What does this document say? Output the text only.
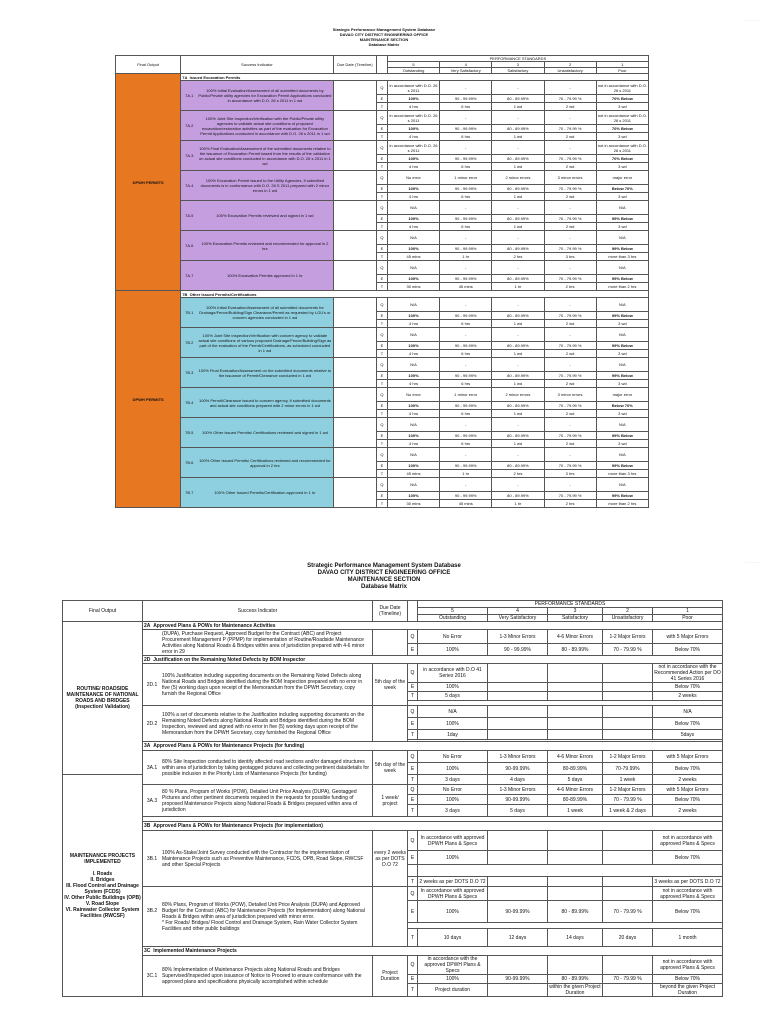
· · · · · · ·
Strategic Performance Management System Database
DAVAO CITY DISTRICT ENGINEERING OFFICE
MAINTENANCE SECTION
Database Matrix
Final Output	Success Indicator	Due Date (Timeline)		PERFORMANCE STANDARDS
5	4	3	2	1
Outstanding	Very Satisfactory	Satisfactory	Unsatisfactory	Poor
DPWH PERMITS	7A Issued Excavation Permits

7A.1	100% Initial Evaluation/Assessment of all submitted documents by Public/Private utility agencies for Excavation Permit Applications conducted in accordance with D.O. 26 s 2011 in 1 wd
		Q	in accordance with D.O. 26 s 2011	-	-	-	not in accordance with D.O. 26 s 2011
E	100%	90 - 99.99%	80 - 89.99%	70 - 79.99 %	70% Below
T	4 hrs	6 hrs	1 wd	2 wd	3 wd

7A.2	100% Joint Site Inspection/Verification with the Public/Private utility agencies to validate actual site conditions of proposed excavation/restoration activities as part of the evaluation for Excavation Permit Applications conducted in accordance with D.O. 26 s 2011 in 1 wd
		Q	in accordance with D.O. 26 s 2011	-	-	-	not in accordance with D.O. 26 s 2011
E	100%	90 - 99.99%	80 - 89.99%	70 - 79.99 %	70% Below
T	4 hrs	6 hrs	1 wd	2 wd	3 wd

7A.3	100% Final Evaluation/Assessment of the submitted documents relative to the issuance of Excavation Permit based from the results of the validation on actual site conditions conducted in accordance with D.O. 26 s 2011 in 1 wd
		Q	in accordance with D.O. 26 s 2011	-	-	-	not in accordance with D.O. 26 s 2011
E	100%	90 - 99.99%	80 - 89.99%	70 - 79.99 %	70% Below
T	4 hrs	6 hrs	1 wd	2 wd	3 wd

7A.4	100% Excavation Permit issued to the Utility Agencies, if submitted documents is in conformance with D.O. 26 S 2011 prepared with 2 minor errors in 1 wd
		Q	No error	1 minor error	2 minor errors	3 minor errors	major error
E	100%	90 - 99.99%	80 - 89.99%	70 - 79.99 %	Below 70%
T	4 hrs	6 hrs	1 wd	2 wd	3 wd

7A.5	100% Excavation Permits reviewed and signed in 1 wd
		Q	N/A	-	-	-	N/A
E	100%	90 - 99.99%	80 - 89.99%	70 - 79.99 %	99% Below
T	4 hrs	6 hrs	1 wd	2 wd	3 wd

7A.6	100% Excavation Permits reviewed and recommended for approval in 2 hrs
		Q	N/A	-	-	-	N/A
E	100%	90 - 99.99%	80 - 89.99%	70 - 79.99 %	99% Below
T	45 mins	1 hr	2 hrs	3 hrs	more than 3 hrs

7A.7	100% Excavation Permits approved in 1 hr
		Q	N/A	-	-	-	N/A
E	100%	90 - 99.99%	80 - 89.99%	70 - 79.99 %	99% Below
T	30 mins	45 mins	1 hr	2 hrs	more than 2 hrs
DPWH PERMITS	7B Other Issued Permits/Certifications

7B.1	100% Initial Evaluation/Assessment of all submitted documents for Drainage/Fence/Building/Sign Clearance/Permit as requested by LGU's or concern agencies conducted in 1 wd
		Q	N/A	-	-	-	N/A
E	100%	90 - 99.99%	80 - 89.99%	70 - 79.99 %	99% Below
T	4 hrs	6 hrs	1 wd	2 wd	3 wd

7B.2	100% Joint Site Inspection/Verification with concern agency to validate actual site conditions of various proposed Drainage/Fence/Building/Sign as part of the evaluation of the Permit/Certifications, as scheduled conducted in 1 wd
		Q	N/A	-	-	-	N/A
E	100%	90 - 99.99%	80 - 89.99%	70 - 79.99 %	99% Below
T	4 hrs	6 hrs	1 wd	2 wd	3 wd

7B.3	100% Final Evaluation/Assessment on the submitted documents relative to the issuance of Permit/Clearance conducted in 1 wd
		Q	N/A	-	-	-	N/A
E	100%	90 - 99.99%	80 - 89.99%	70 - 79.99 %	99% Below
T	4 hrs	6 hrs	1 wd	2 wd	3 wd

7B.4	100% Permit/Clearance issued to concern agency, if submitted documents and actual site conditions prepared with 2 minor errors in 1 wd
		Q	No error	1 minor error	2 minor errors	3 minor errors	major error
E	100%	90 - 99.99%	80 - 89.99%	70 - 79.99 %	Below 70%
T	4 hrs	6 hrs	1 wd	2 wd	3 wd

7B.5	100% Other Issued Permits/ Certifications reviewed and signed in 1 wd
		Q	N/A	-	-	-	N/A
E	100%	90 - 99.99%	80 - 89.99%	70 - 79.99 %	99% Below
T	4 hrs	6 hrs	1 wd	2 wd	3 wd

7B.6	100% Other Issued Permits/ Certifications reviewed and recommended for approval in 2 hrs
		Q	N/A	-	-	-	N/A
E	100%	90 - 99.99%	80 - 89.99%	70 - 79.99 %	99% Below
T	45 mins	1 hr	2 hrs	3 hrs	more than 3 hrs

7B.7	100% Other Issued Permits/Certification approved in 1 hr
		Q	N/A	-	-	-	N/A
E	100%	90 - 99.99%	80 - 89.99%	70 - 79.99 %	99% Below
T	30 mins	45 mins	1 hr	2 hrs	more than 2 hrs
· · · · · · ·
Strategic Performance Management System Database
DAVAO CITY DISTRICT ENGINEERING OFFICE
MAINTENANCE SECTION
Database Matrix
Final Output	Success Indicator	Due Date (Timeline)		PERFORMANCE STANDARDS
5	4	3	2	1
Outstanding	Very Satisfactory	Satisfactory	Unsatisfactory	Poor
ROUTINE/ ROADSIDE MAINTENANCE OF NATIONAL ROADS AND BRIDGES (Inspection/ Validation)	2A Approved Plans & POWs for Maintenance Activities

	(DUPA), Purchase Request, Approved Budget for the Contract (ABC) and Project Procurement Management P (PPMP) for implementation of Routine/Roadside Maintenance Activities along National Roads & Bridges within area of jurisdiction prepared with 4-6 minor error in 29
		Q	No Error	1-3 Minor Errors	4-6 Minor Errors	1-2 Major Errors	with 5 Major Errors
E	100%	90 - 99.99%	80 - 89.99%	70 - 79.99 %	Below 70%
2D Justification on the Remaining Noted Defects by BOM Inspector

2D.1	100% Justification including supporting documents on the Remaining Noted Defects along National Roads and Bridges identified during the BOM Inspection prepared with no error in five (5) working days upon receipt of the Memorandum from the DPWH Secretary, copy furnish the Regional Office
	5th day of the week	Q	in accordance with D.O 41 Series 2016				not in accordance with the Recommended Action per DO 41 Series 2016
E	100%				Below 70%
T	5 days				2 weeks

2D.2	100% a set of documents relative to the Justification including supporting documents on the Remaining Noted Defects along National Roads and Bridges identified during the BOM Inspection, reviewed and signed with no error in five (5) working days upon receipt of the Memorandum from the DPWH Secretary, copy furnished the Regional Office
		Q	N/A				N/A
E	100%				Below 70%
T	1day				5days

3A Approved Plans & POWs for Maintenance Projects (for funding)

3A.1	80% Site Inspection conducted to identify affected road sections and/or damaged structures within area of jurisdiction by taking geotagged pictures and collecting pertinent data/details for possible inclusion in the Priority Lists of Maintenance Projects (for funding)
	5th day of the week	Q	No Error	1-3 Minor Errors	4-6 Minor Errors	1-2 Major Errors	with 5 Major Errors
E	100%	90-99.99%	80-89.99%	70-79.99%	Below 70%

MAINTENANCE PROJECTS IMPLEMENTED

I. Roads
II. Bridges
III. Flood Control and Drainage System (FCDS)
IV. Other Public Buildings (OPB)
V. Road Slope
VI. Rainwater Collector System Facilities (RWCSF)
	T	3 days	4 days	5 days	1 week	2 weeks

3A.3	80 % Plans, Program of Works (POW), Detailed Unit Price Analysis (DUPA), Geotagged Pictures and other pertinent documents required in the requests for possible funding of proposed Maintenance Projects along National Roads & Bridges prepared within area of jurisdiction
	1 week/ project	Q	No Error	1-3 Minor Errors	4-6 Minor Errors	1-2 Major Errors	with 5 Major Errors
E	100%	90-99.99%	80-89.99%	70 - 79.99 %	Below 70%
T	3 days	5 days	1 week	1 week & 2 days	2 weeks

3B Approved Plans & POWs for Maintenance Projects (for implementation)

3B.1	100% As-Stake/Joint Survey conducted with the Contractor for the implementation of Maintenance Projects such as Preventive Maintenance, FCDS, OPB, Road Slope, RWCSF and other Special Projects
	every 2 weeks as per DOTS D.O 72	Q	In accordance with approved DPWH Plans & Specs				not in accordance with approved Plans & Specs
E	100%				Below 70%

T	2 weeks as per DOTS D.O 72				3 weeks as per DOTS D.O 72

3B.2	80% Plans, Program of Works (POW), Detailed Unit Price Analysis (DUPA) and Approved Budget for the Contract (ABC) for Maintenance Projects (for Implementation) along National Roads & Bridges within area of jurisdiction prepared with minor error.
	* For Roads/ Bridges/ Flood Control and Drainage System, Rain Water Collector System Facilities and other public buildings
		Q	In accordance with approved DPWH Plans & Specs				not in accordance with approved Plans & Specs
E	100%	90-99.99%	80 - 89.99%	70 - 79.99 %	Below 70%

T	10 days	12 days	14 days	20 days	1 month
3C Implemented Maintenance Projects

3C.1	80% Implementation of Maintenance Projects along National Roads and Bridges Supervised/Inspected upon issuance of Notice to Proceed to ensure conformance with the approved plans and specifications physically accomplished within schedule
	Project Duration	Q	in accordance with the approved DPWH Plans & Specs				not in accordance with approved Plans & Specs
E	100%	90-99.99%	80 - 89.99%	70 - 79.99 %	Below 70%
T	Project duration		within the given Project Duration		beyond the given Project Duration
